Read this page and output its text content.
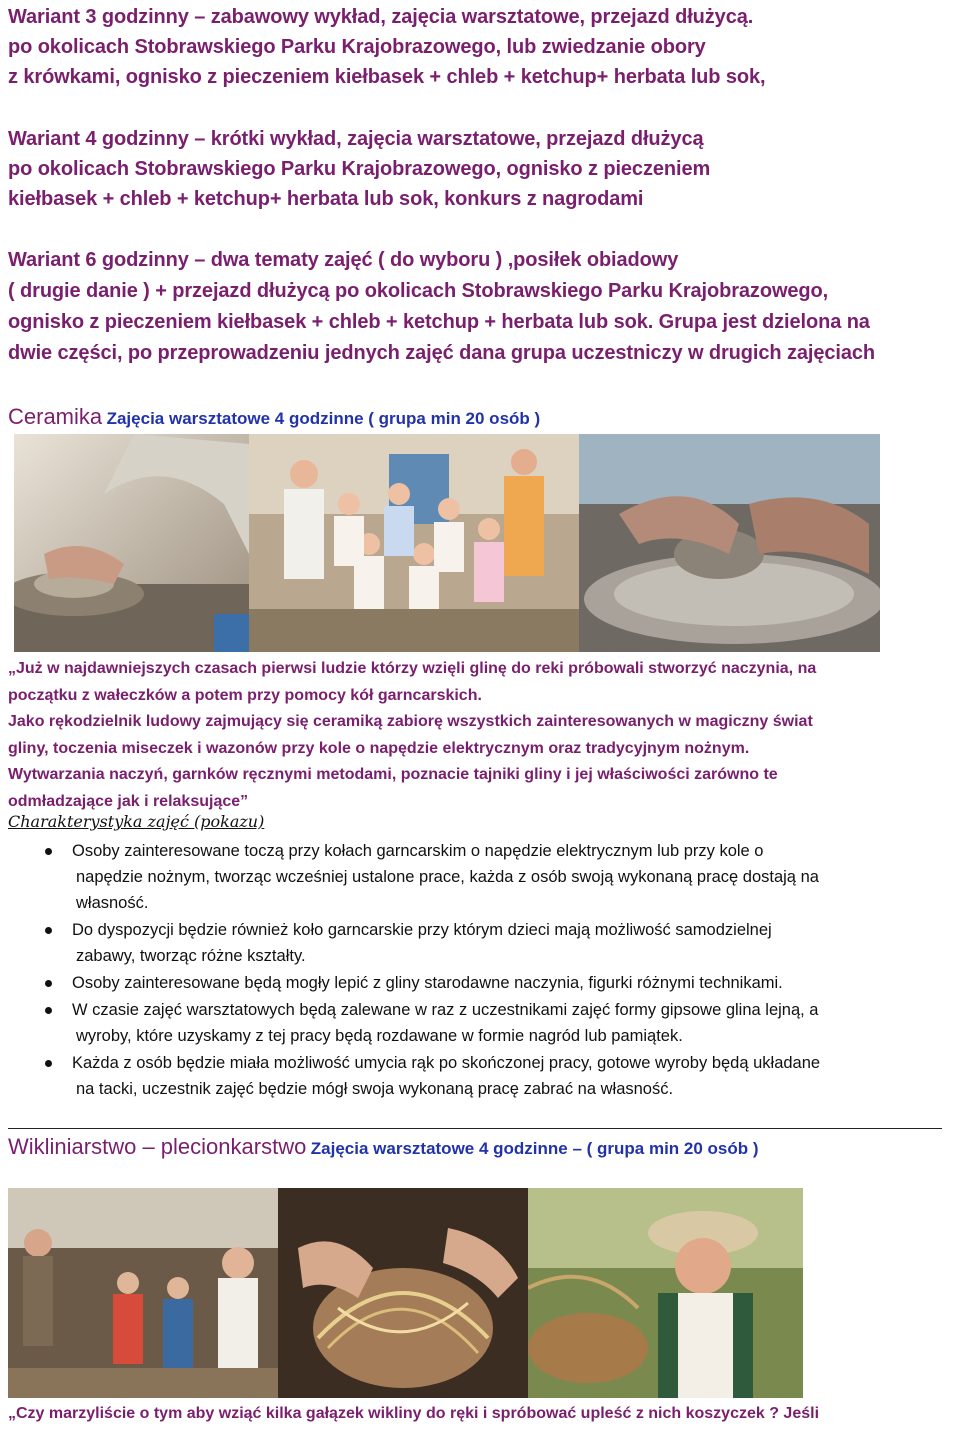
Wariant 3 godzinny – zabawowy wykład, zajęcia warsztatowe, przejazd dłużycą.
po okolicach Stobrawskiego Parku Krajobrazowego, lub zwiedzanie obory
z krówkami, ognisko z pieczeniem kiełbasek + chleb + ketchup+ herbata lub sok,
Wariant 4 godzinny – krótki wykład, zajęcia warsztatowe, przejazd dłużycą
po okolicach Stobrawskiego Parku Krajobrazowego, ognisko z pieczeniem
kiełbasek + chleb + ketchup+ herbata lub sok, konkurs z nagrodami
Wariant 6 godzinny – dwa tematy zajęć ( do wyboru ) ,posiłek obiadowy
( drugie danie ) + przejazd dłużycą po okolicach Stobrawskiego Parku Krajobrazowego,
ognisko z pieczeniem kiełbasek + chleb + ketchup + herbata lub sok. Grupa jest dzielona na
dwie części, po przeprowadzeniu jednych zajęć dana grupa uczestniczy w drugich zajęciach
Ceramika Zajęcia warsztatowe 4 godzinne ( grupa min 20 osób )
„Już w najdawniejszych czasach pierwsi ludzie którzy wzięli glinę do reki próbowali stworzyć naczynia, na
początku z wałeczków a potem przy pomocy kół garncarskich.
Jako rękodzielnik ludowy zajmujący się ceramiką zabiorę wszystkich zainteresowanych w magiczny świat
gliny, toczenia miseczek i wazonów przy kole o napędzie elektrycznym oraz tradycyjnym nożnym.
Wytwarzania naczyń, garnków ręcznymi metodami, poznacie tajniki gliny i jej właściwości zarówno te
odmładzające jak i relaksujące”
Charakterystyka zajęć (pokazu)
Osoby zainteresowane toczą przy kołach garncarskim o napędzie elektrycznym lub przy kole o
napędzie nożnym, tworząc wcześniej ustalone prace, każda z osób swoją wykonaną pracę dostają na
własność.
Do dyspozycji będzie również koło garncarskie przy którym dzieci mają możliwość samodzielnej
zabawy, tworząc różne kształty.
Osoby zainteresowane będą mogły lepić z gliny starodawne naczynia, figurki różnymi technikami.
W czasie zajęć warsztatowych będą zalewane w raz z uczestnikami zajęć formy gipsowe glina lejną, a
wyroby, które uzyskamy z tej pracy będą rozdawane w formie nagród lub pamiątek.
Każda z osób będzie miała możliwość umycia rąk po skończonej pracy, gotowe wyroby będą układane
na tacki, uczestnik zajęć będzie mógł swoja wykonaną pracę zabrać na własność.
Wikliniarstwo – plecionkarstwo Zajęcia warsztatowe 4 godzinne – ( grupa min 20 osób )
„Czy marzyliście o tym aby wziąć kilka gałązek wikliny do ręki i spróbować upleść z nich koszyczek ? Jeśli
